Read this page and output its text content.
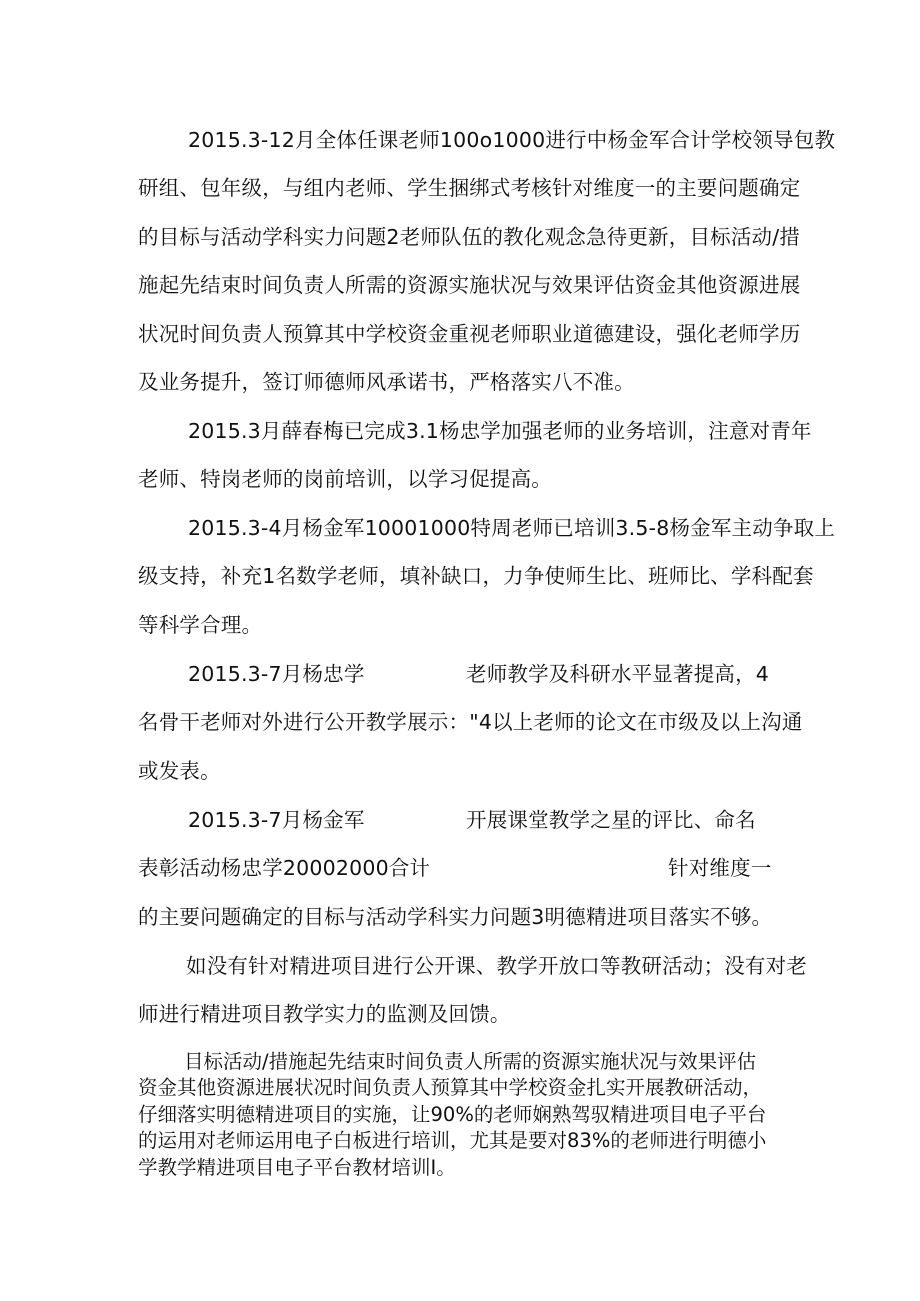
2015.3-12月全体任课老师100o1000进行中杨金军合计学校领导包教
研组、包年级，与组内老师、学生捆绑式考核针对维度一的主要问题确定
的目标与活动学科实力问题2老师队伍的教化观念急待更新，目标活动/措
施起先结束时间负责人所需的资源实施状况与效果评估资金其他资源进展
状况时间负责人预算其中学校资金重视老师职业道德建设，强化老师学历
及业务提升，签订师德师风承诺书，严格落实八不准。
2015.3月薛春梅已完成3.1杨忠学加强老师的业务培训，注意对青年
老师、特岗老师的岗前培训，以学习促提高。
2015.3-4月杨金军10001000特周老师已培训3.5-8杨金军主动争取上
级支持，补充1名数学老师，填补缺口，力争使师生比、班师比、学科配套
等科学合理。
2015.3-7月杨忠学	老师教学及科研水平显著提高，4
名骨干老师对外进行公开教学展示："4以上老师的论文在市级及以上沟通
或发表。
2015.3-7月杨金军	开展课堂教学之星的评比、命名
表彰活动杨忠学20002000合计	针对维度一
的主要问题确定的目标与活动学科实力问题3明德精进项目落实不够。
如没有针对精进项目进行公开课、教学开放口等教研活动；没有对老
师进行精进项目教学实力的监测及回馈。
目标活动/措施起先结束时间负责人所需的资源实施状况与效果评估
资金其他资源进展状况时间负责人预算其中学校资金扎实开展教研活动，
仔细落实明德精进项目的实施，让90%的老师娴熟驾驭精进项目电子平台
的运用对老师运用电子白板进行培训，尤其是要对83%的老师进行明德小
学教学精进项目电子平台教材培训I。
